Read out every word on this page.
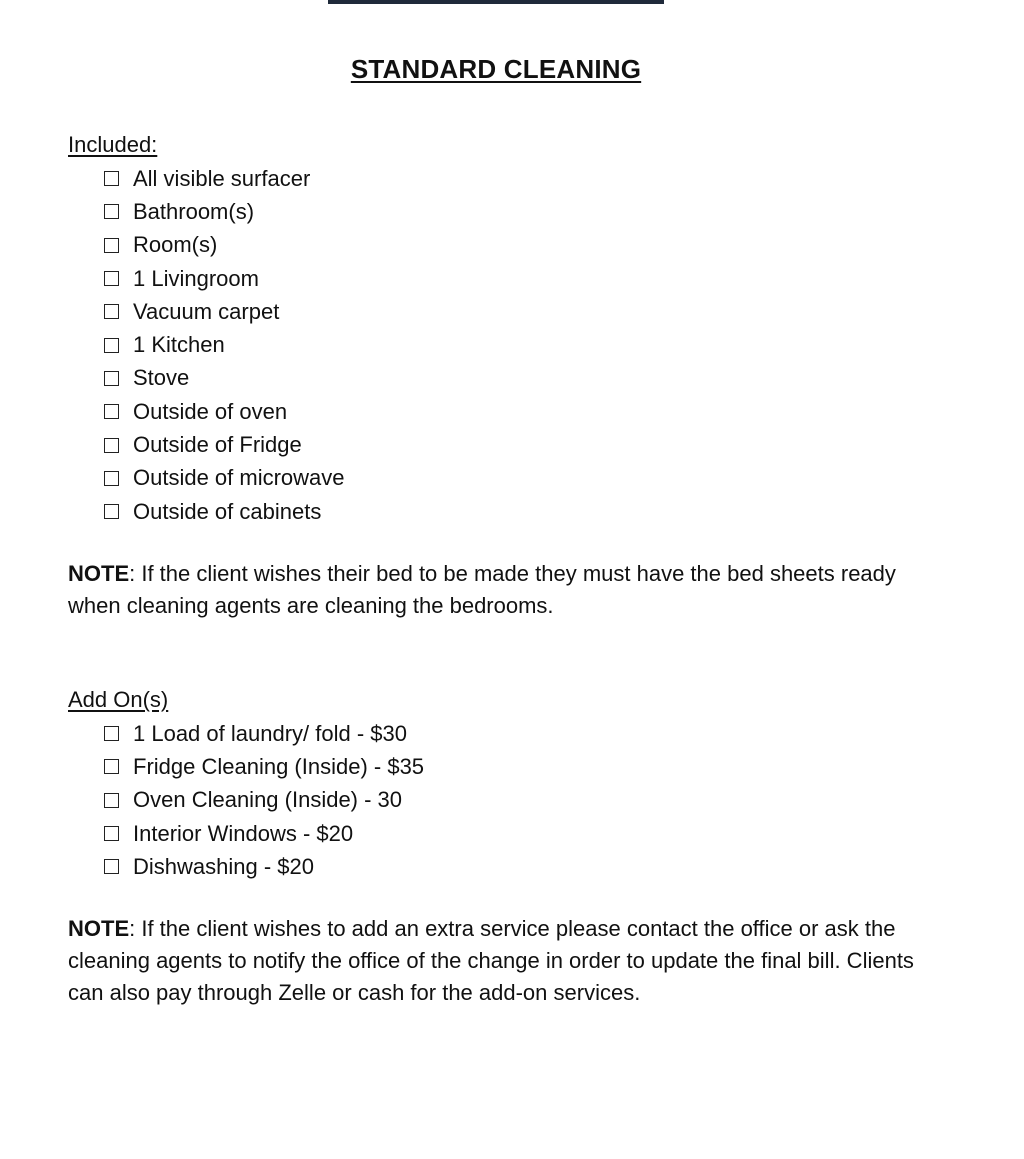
STANDARD CLEANING
Included:
All visible surfacer
Bathroom(s)
Room(s)
1 Livingroom
Vacuum carpet
1 Kitchen
Stove
Outside of oven
Outside of Fridge
Outside of microwave
Outside of cabinets

NOTE: If the client wishes their bed to be made they must have the bed sheets ready when cleaning agents are cleaning the bedrooms.

Add On(s)
1 Load of laundry/ fold - $30
Fridge Cleaning (Inside) - $35
Oven Cleaning (Inside) - 30
Interior Windows - $20
Dishwashing - $20

NOTE: If the client wishes to add an extra service please contact the office or ask the cleaning agents to notify the office of the change in order to update the final bill. Clients can also pay through Zelle or cash for the add-on services.
